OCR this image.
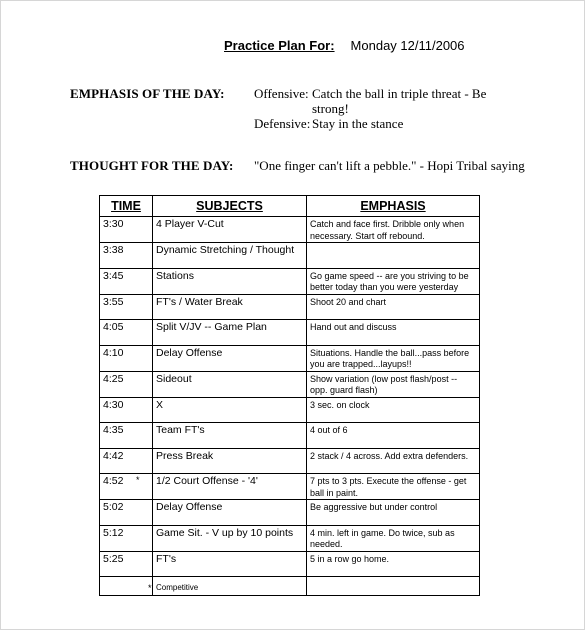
Practice Plan For: Monday 12/11/2006
EMPHASIS OF THE DAY: Offensive: Catch the ball in triple threat - Be strong!
Defensive: Stay in the stance
THOUGHT FOR THE DAY: "One finger can't lift a pebble." - Hopi Tribal saying
TIME	SUBJECTS	EMPHASIS
3:30	4 Player V-Cut	Catch and face first. Dribble only when necessary. Start off rebound.
3:38	Dynamic Stretching / Thought	
3:45	Stations	Go game speed -- are you striving to be better today than you were yesterday
3:55	FT's / Water Break	Shoot 20 and chart
4:05	Split V/JV -- Game Plan	Hand out and discuss
4:10	Delay Offense	Situations. Handle the ball...pass before you are trapped...layups!!
4:25	Sideout	Show variation (low post flash/post -- opp. guard flash)
4:30	X	3 sec. on clock
4:35	Team FT's	4 out of 6
4:42	Press Break	2 stack / 4 across. Add extra defenders.
4:52 *	1/2 Court Offense - '4'	7 pts to 3 pts. Execute the offense - get ball in paint.
5:02	Delay Offense	Be aggressive but under control
5:12	Game Sit. - V up by 10 points	4 min. left in game. Do twice, sub as needed.
5:25	FT's	5 in a row go home.

	* Competitive	
